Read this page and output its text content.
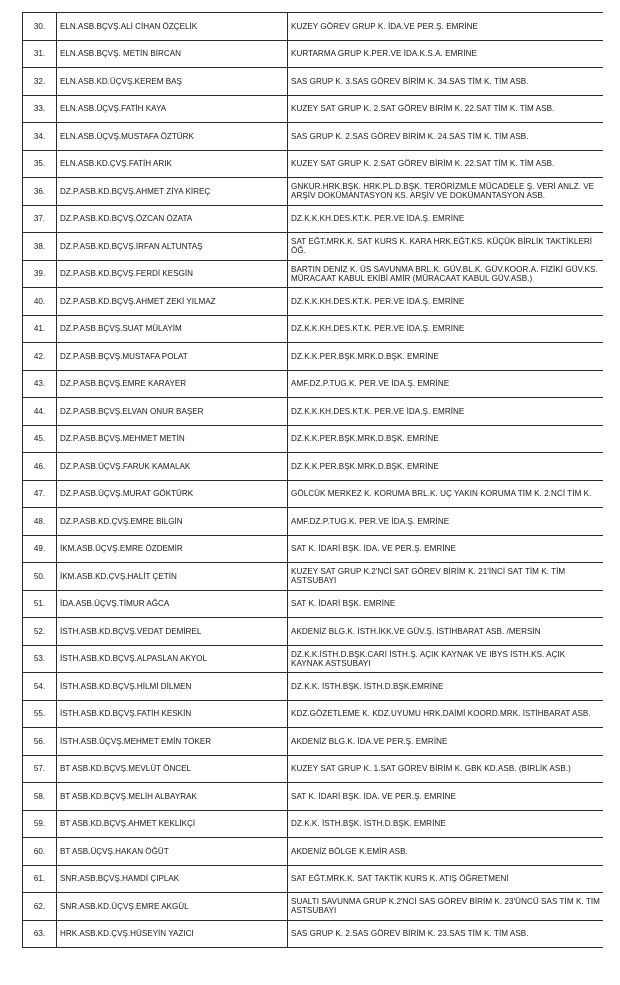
30.	ELN.ASB.BÇVŞ.ALİ CİHAN ÖZÇELİK	KUZEY GÖREV GRUP K. İDA.VE PER.Ş. EMRİNE
31.	ELN.ASB.BÇVŞ. METİN BİRCAN	KURTARMA GRUP K.PER.VE İDA.K.S.A. EMRİNE
32.	ELN.ASB.KD.ÜÇVŞ.KEREM BAŞ	SAS GRUP K. 3.SAS GÖREV BİRİM K. 34.SAS TİM K. TİM ASB.
33.	ELN.ASB.ÜÇVŞ.FATİH KAYA	KUZEY SAT GRUP K. 2.SAT GÖREV BİRİM K. 22.SAT TİM K. TİM ASB.
34.	ELN.ASB.ÜÇVŞ.MUSTAFA ÖZTÜRK	SAS GRUP K. 2.SAS GÖREV BİRİM K. 24.SAS TİM K. TİM ASB.
35.	ELN.ASB.KD.ÇVŞ.FATİH ARIK	KUZEY SAT GRUP K. 2.SAT GÖREV BİRİM K. 22.SAT TİM K. TİM ASB.
36.	DZ.P.ASB.KD.BÇVŞ.AHMET ZİYA KİREÇ	GNKUR.HRK.BŞK. HRK.PL.D.BŞK. TERÖRİZMLE MÜCADELE Ş. VERİ ANLZ. VE ARŞİV DOKÜMANTASYON KS. ARŞİV VE DOKÜMANTASYON ASB.
37.	DZ.P.ASB.KD.BÇVŞ.ÖZCAN ÖZATA	DZ.K.K.KH.DES.KT.K. PER.VE İDA.Ş. EMRİNE
38.	DZ.P.ASB.KD.BÇVŞ.İRFAN ALTUNTAŞ	SAT EĞT.MRK.K. SAT KURS K. KARA HRK.EĞT.KS. KÜÇÜK BİRLİK TAKTİKLERİ ÖĞ.
39.	DZ.P.ASB.KD.BÇVŞ.FERDİ KESGİN	BARTIN DENİZ K. ÜS SAVUNMA BRL.K. GÜV.BL.K. GÜV.KOOR.A. FİZİKİ GÜV.KS. MÜRACAAT KABUL EKİBİ AMİR (MÜRACAAT KABUL GÜV.ASB.)
40.	DZ.P.ASB.KD.BÇVŞ.AHMET ZEKİ YILMAZ	DZ.K.K.KH.DES.KT.K. PER.VE İDA.Ş. EMRİNE
41.	DZ.P.ASB.BÇVŞ.SUAT MÜLAYİM	DZ.K.K.KH.DES.KT.K. PER.VE İDA.Ş. EMRİNE
42.	DZ.P.ASB.BÇVŞ.MUSTAFA POLAT	DZ.K.K.PER.BŞK.MRK.D.BŞK. EMRİNE
43.	DZ.P.ASB.BÇVŞ.EMRE KARAYER	AMF.DZ.P.TUG.K. PER.VE İDA.Ş. EMRİNE
44.	DZ.P.ASB.BÇVŞ.ELVAN ONUR BAŞER	DZ.K.K.KH.DES.KT.K. PER.VE İDA.Ş. EMRİNE
45.	DZ.P.ASB.BÇVŞ.MEHMET METİN	DZ.K.K.PER.BŞK.MRK.D.BŞK. EMRİNE
46.	DZ.P.ASB.ÜÇVŞ.FARUK KAMALAK	DZ.K.K.PER.BŞK.MRK.D.BŞK. EMRİNE
47.	DZ.P.ASB.ÜÇVŞ.MURAT GÖKTÜRK	GÖLCÜK MERKEZ K. KORUMA BRL.K. UÇ YAKIN KORUMA TİM K. 2.NCİ TİM K.
48.	DZ.P.ASB.KD.ÇVŞ.EMRE BİLGİN	AMF.DZ.P.TUG.K. PER.VE İDA.Ş. EMRİNE
49.	İKM.ASB.ÜÇVŞ.EMRE ÖZDEMİR	SAT K. İDARİ BŞK. İDA. VE PER.Ş. EMRİNE
50.	İKM.ASB.KD.ÇVŞ.HALİT ÇETİN	KUZEY SAT GRUP K.2'NCİ SAT GÖREV BİRİM K. 21'İNCİ SAT TİM K. TİM ASTSUBAYI
51.	İDA.ASB.ÜÇVŞ.TİMUR AĞCA	SAT K. İDARİ BŞK. EMRİNE
52.	İSTH.ASB.KD.BÇVŞ.VEDAT DEMİREL	AKDENİZ BLG.K. İSTH.İKK.VE GÜV.Ş. İSTİHBARAT ASB. /MERSİN
53.	İSTH.ASB.KD.BÇVŞ.ALPASLAN AKYOL	DZ.K.K.İSTH.D.BŞK.CARİ İSTH.Ş. AÇIK KAYNAK VE IBYS İSTH.KS. AÇIK KAYNAK ASTSUBAYI
54.	İSTH.ASB.KD.BÇVŞ.HİLMİ DİLMEN	DZ.K.K. İSTH.BŞK. İSTH.D.BŞK.EMRİNE
55.	İSTH.ASB.KD.BÇVŞ.FATİH KESKİN	KDZ.GÖZETLEME K. KDZ.UYUMU HRK.DAİMİ KOORD.MRK. İSTİHBARAT ASB.
56.	İSTH.ASB.ÜÇVŞ.MEHMET EMİN TOKER	AKDENİZ BLG.K. İDA.VE PER.Ş. EMRİNE
57.	BT ASB.KD.BÇVŞ.MEVLÜT ÖNCEL	KUZEY SAT GRUP K. 1.SAT GÖREV BİRİM K. GBK KD.ASB. (BİRLİK ASB.)
58.	BT ASB.KD.BÇVŞ.MELİH ALBAYRAK	SAT K. İDARİ BŞK. İDA. VE PER.Ş. EMRİNE
59.	BT ASB.KD.BÇVŞ.AHMET KEKLİKÇİ	DZ.K.K. İSTH.BŞK. İSTH.D.BŞK. EMRİNE
60.	BT ASB.ÜÇVŞ.HAKAN ÖĞÜT	AKDENİZ BÖLGE K.EMİR ASB.
61.	SNR.ASB.BÇVŞ.HAMDİ ÇIPLAK	SAT EĞT.MRK.K. SAT TAKTİK KURS K. ATIŞ ÖĞRETMENİ
62.	SNR.ASB.KD.ÜÇVŞ.EMRE AKGÜL	SUALTI SAVUNMA GRUP K.2'NCİ SAS GÖREV BİRİM K. 23'ÜNCÜ SAS TİM K. TİM ASTSUBAYI
63.	HRK.ASB.KD.ÇVŞ.HÜSEYİN YAZICI	SAS GRUP K. 2.SAS GÖREV BİRİM K. 23.SAS TİM K. TİM ASB.
